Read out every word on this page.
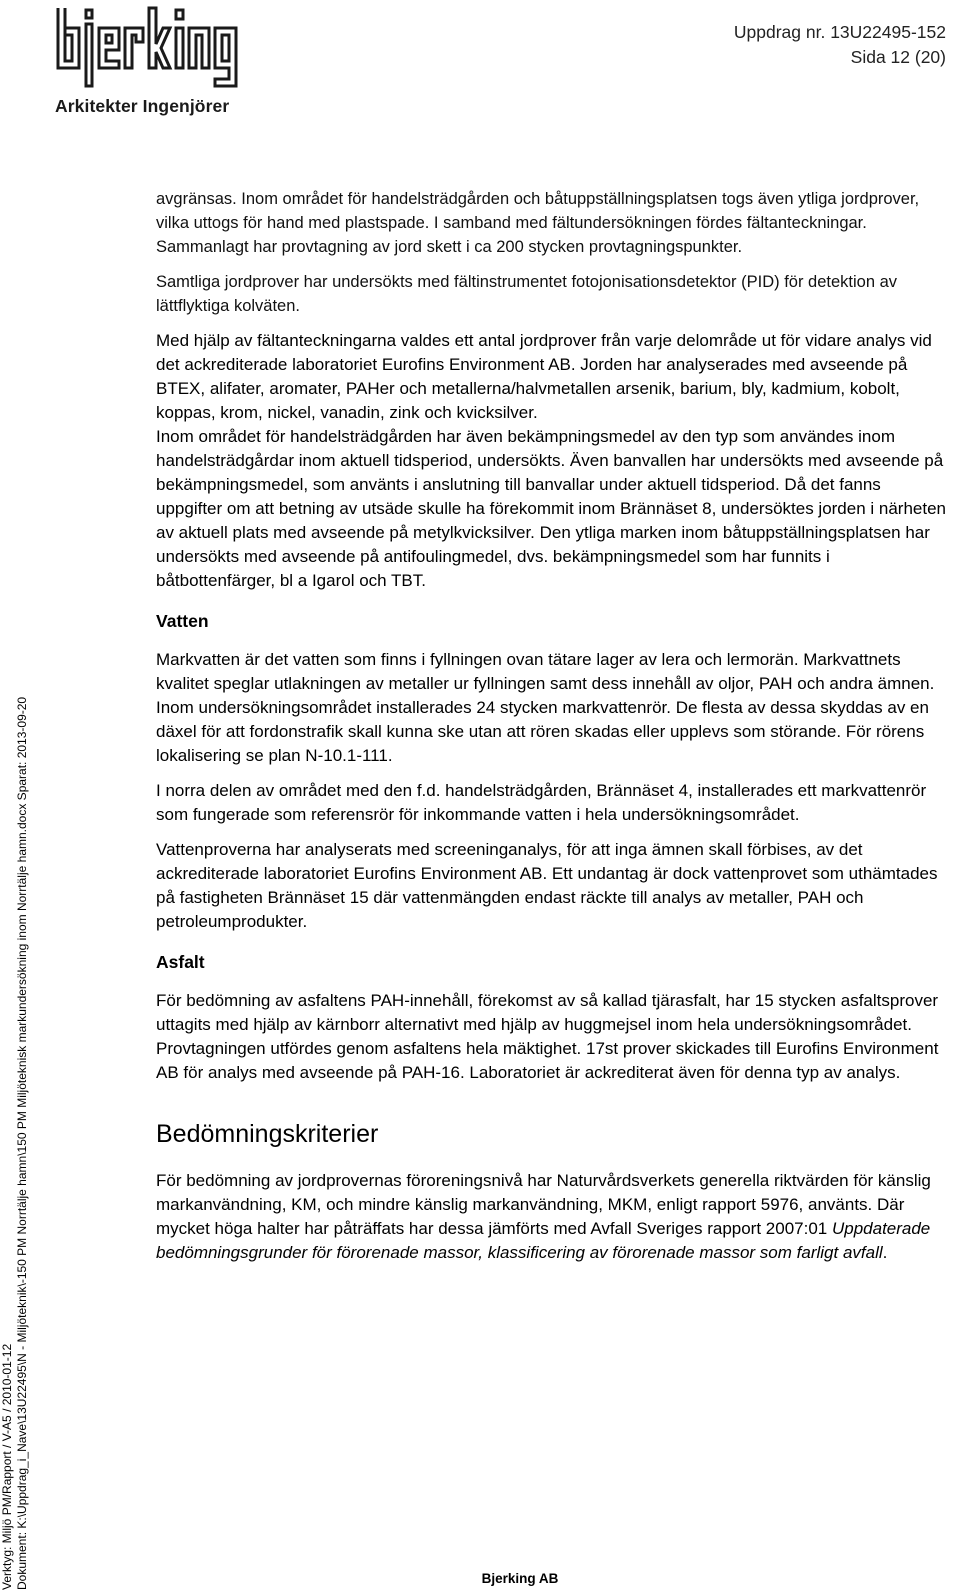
Arkitekter Ingenjörer
Uppdrag nr. 13U22495-152
Sida 12 (20)
Verktyg: Miljö PM/Rapport / V-A5 / 2010-01-12 Dokument: K:\Uppdrag_i_Nave\13U22495\N - Miljöteknik\-150 PM Norrtälje hamn\150 PM Miljöteknisk markundersökning inom Norrtälje hamn.docx Sparat: 2013-09-20

avgränsas. Inom området för handelsträdgården och båtuppställningsplatsen togs även ytliga jordprover, vilka uttogs för hand med plastspade. I samband med fältundersökningen fördes fältanteckningar. Sammanlagt har provtagning av jord skett i ca 200 stycken provtagningspunkter.

Samtliga jordprover har undersökts med fältinstrumentet fotojonisationsdetektor (PID) för detektion av lättflyktiga kolväten.

Med hjälp av fältanteckningarna valdes ett antal jordprover från varje delområde ut för vidare analys vid det ackrediterade laboratoriet Eurofins Environment AB. Jorden har analyserades med avseende på BTEX, alifater, aromater, PAHer och metallerna/halvmetallen arsenik, barium, bly, kadmium, kobolt, koppas, krom, nickel, vanadin, zink och kvicksilver.

Inom området för handelsträdgården har även bekämpningsmedel av den typ som användes inom handelsträdgårdar inom aktuell tidsperiod, undersökts. Även banvallen har undersökts med avseende på bekämpningsmedel, som använts i anslutning till banvallar under aktuell tidsperiod. Då det fanns uppgifter om att betning av utsäde skulle ha förekommit inom Brännäset 8, undersöktes jorden i närheten av aktuell plats med avseende på metylkvicksilver. Den ytliga marken inom båtuppställningsplatsen har undersökts med avseende på antifoulingmedel, dvs. bekämpningsmedel som har funnits i båtbottenfärger, bl a Igarol och TBT.

Vatten

Markvatten är det vatten som finns i fyllningen ovan tätare lager av lera och lermorän. Markvattnets kvalitet speglar utlakningen av metaller ur fyllningen samt dess innehåll av oljor, PAH och andra ämnen. Inom undersökningsområdet installerades 24 stycken markvattenrör. De flesta av dessa skyddas av en däxel för att fordonstrafik skall kunna ske utan att rören skadas eller upplevs som störande. För rörens lokalisering se plan N-10.1-111.

I norra delen av området med den f.d. handelsträdgården, Brännäset 4, installerades ett markvattenrör som fungerade som referensrör för inkommande vatten i hela undersökningsområdet.

Vattenproverna har analyserats med screeninganalys, för att inga ämnen skall förbises, av det ackrediterade laboratoriet Eurofins Environment AB. Ett undantag är dock vattenprovet som uthämtades på fastigheten Brännäset 15 där vattenmängden endast räckte till analys av metaller, PAH och petroleumprodukter.

Asfalt

För bedömning av asfaltens PAH-innehåll, förekomst av så kallad tjärasfalt, har 15 stycken asfaltsprover uttagits med hjälp av kärnborr alternativt med hjälp av huggmejsel inom hela undersökningsområdet. Provtagningen utfördes genom asfaltens hela mäktighet. 17st prover skickades till Eurofins Environment AB för analys med avseende på PAH-16. Laboratoriet är ackrediterat även för denna typ av analys.

Bedömningskriterier

För bedömning av jordprovernas föroreningsnivå har Naturvårdsverkets generella riktvärden för känslig markanvändning, KM, och mindre känslig markanvändning, MKM, enligt rapport 5976, använts. Där mycket höga halter har påträffats har dessa jämförts med Avfall Sveriges rapport 2007:01 Uppdaterade bedömningsgrunder för förorenade massor, klassificering av förorenade massor som farligt avfall.

Bjerking AB
